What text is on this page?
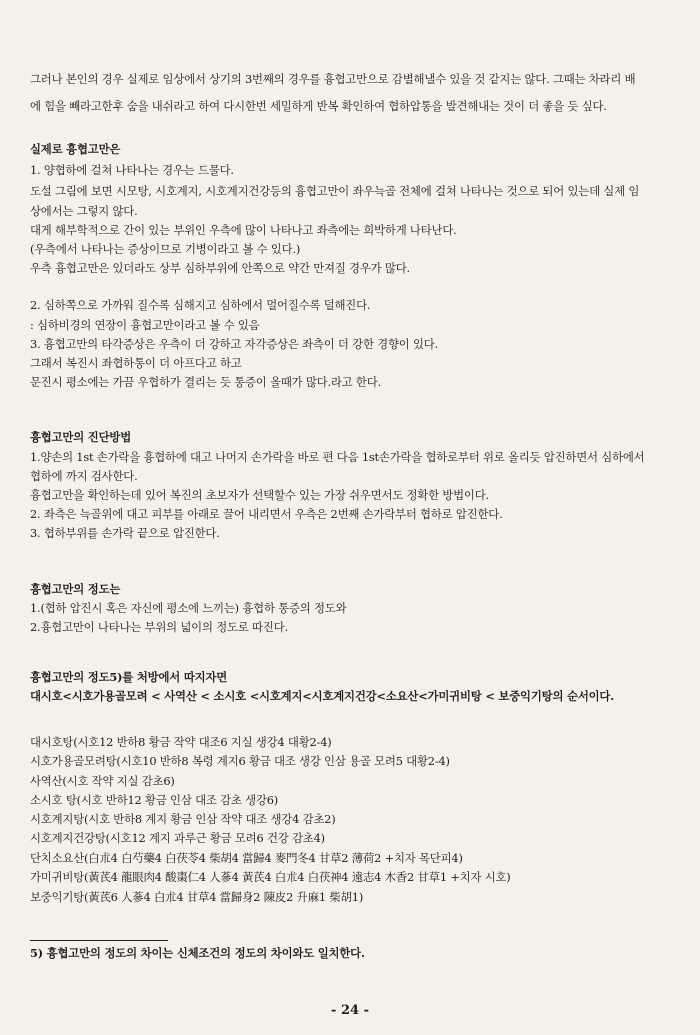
그러나 본인의 경우 실제로 임상에서 상기의 3번째의 경우를 흉협고만으로 감별해낼수 있을 것 같지는 않다. 그때는 차라리 배
에 힘을 빼라고한후 숨을 내쉬라고 하여 다시한번 세밀하게 반복 확인하여 협하압통을 발견해내는 것이 더 좋을 듯 싶다.
실제로 흉협고만은
1. 양협하에 걸쳐 나타나는 경우는 드물다.
도설 그림에 보면 시모탕, 시호계지, 시호계지건강등의 흉협고만이 좌우늑골 전체에 걸쳐 나타나는 것으로 되어 있는데 실제 임
상에서는 그렇지 않다.
대게 해부학적으로 간이 있는 부위인 우측에 많이 나타나고 좌측에는 희박하게 나타난다.
(우측에서 나타나는 증상이므로 기병이라고 볼 수 있다.)
우측 흉협고만은 있더라도 상부 심하부위에 안쪽으로 약간 만져질 경우가 많다.
2. 심하쪽으로 가까워 질수록 심해지고 심하에서 멀어질수록 덜해진다.
: 심하비경의 연장이 흉협고만이라고 볼 수 있음
3. 흉협고만의 타각증상은 우측이 더 강하고 자각증상은 좌측이 더 강한 경향이 있다.
그래서 복진시 좌협하통이 더 아프다고 하고
문진시 평소에는 가끔 우협하가 결리는 듯 통증이 올때가 많다.라고 한다.
흉협고만의 진단방법
1.양손의 1st 손가락을 흉협하에 대고 나머지 손가락을 바로 편 다음 1st손가락을 협하로부터 위로 올리듯 압진하면서 심하에서
협하에 까지 검사한다.
흉협고만을 확인하는데 있어 복진의 초보자가 선택할수 있는 가장 쉬우면서도 정확한 방법이다.
2. 좌측은 늑골위에 대고 피부를 아래로 끌어 내리면서 우측은 2번째 손가락부터 협하로 압진한다.
3. 협하부위를 손가락 끝으로 압진한다.
흉협고만의 정도는
1.(협하 압진시 혹은 자신에 평소에 느끼는) 흉협하 통증의 정도와
2.흉협고만이 나타나는 부위의 넓이의 정도로 따진다.
흉협고만의 정도5)를 처방에서 따지자면
대시호<시호가용골모려 < 사역산 < 소시호 <시호계지<시호계지건강<소요산<가미귀비탕 < 보중익기탕의 순서이다.
대시호탕(시호12 반하8 황금 작약 대조6 지실 생강4 대황2-4)
시호가용골모려탕(시호10 반하8 복령 계지6 황금 대조 생강 인삼 용골 모려5 대황2-4)
사역산(시호 작약 지실 감초6)
소시호 탕(시호 반하12 황금 인삼 대조 감초 생강6)
시호계지탕(시호 반하8 계지 황금 인삼 작약 대조 생강4 감초2)
시호계지건강탕(시호12 계지 과루근 황금 모려6 건강 감초4)
단치소요산(白朮4 白芍藥4 白茯苓4 柴胡4 當歸4 麥門冬4 甘草2 薄荷2 +치자 목단피4)
가미귀비탕(黃芪4 龍眼肉4 酸棗仁4 人蔘4 黃芪4 白朮4 白茯神4 遠志4 木香2 甘草1 +치자 시호)
보중익기탕(黃芪6 人蔘4 白朮4 甘草4 當歸身2 陳皮2 升麻1 柴胡1)
5) 흉협고만의 정도의 차이는 신체조건의 정도의 차이와도 일치한다.
- 24 -
